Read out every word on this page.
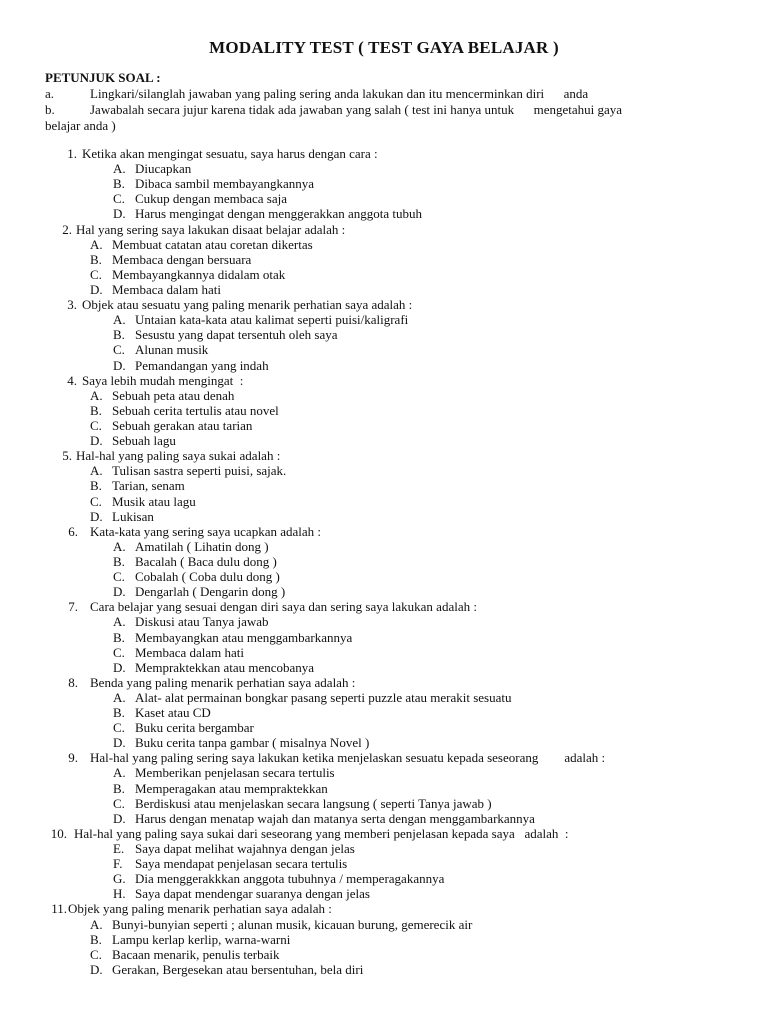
MODALITY TEST ( TEST GAYA BELAJAR )
PETUNJUK SOAL :
a.	Lingkari/silanglah jawaban yang paling sering anda lakukan dan itu mencerminkan diri      anda
b.	Jawabalah secara jujur karena tidak ada jawaban yang salah ( test ini hanya untuk      mengetahui gaya
belajar anda )
1. Ketika akan mengingat sesuatu, saya harus dengan cara :
A. Diucapkan
B. Dibaca sambil membayangkannya
C. Cukup dengan membaca saja
D. Harus mengingat dengan menggerakkan anggota tubuh
2. Hal yang sering saya lakukan disaat belajar adalah :
A. Membuat catatan atau coretan dikertas
B. Membaca dengan bersuara
C. Membayangkannya didalam otak
D. Membaca dalam hati
3. Objek atau sesuatu yang paling menarik perhatian saya adalah :
A. Untaian kata-kata atau kalimat seperti puisi/kaligrafi
B. Sesustu yang dapat tersentuh oleh saya
C. Alunan musik
D. Pemandangan yang indah
4. Saya lebih mudah mengingat  :
A. Sebuah peta atau denah
B. Sebuah cerita tertulis atau novel
C. Sebuah gerakan atau tarian
D. Sebuah lagu
5. Hal-hal yang paling saya sukai adalah :
A. Tulisan sastra seperti puisi, sajak.
B. Tarian, senam
C. Musik atau lagu
D. Lukisan
6. Kata-kata yang sering saya ucapkan adalah :
A. Amatilah ( Lihatin dong )
B. Bacalah ( Baca dulu dong )
C. Cobalah ( Coba dulu dong )
D. Dengarlah ( Dengarin dong )
7. Cara belajar yang sesuai dengan diri saya dan sering saya lakukan adalah :
A. Diskusi atau Tanya jawab
B. Membayangkan atau menggambarkannya
C. Membaca dalam hati
D. Mempraktekkan atau mencobanya
8. Benda yang paling menarik perhatian saya adalah :
A. Alat- alat permainan bongkar pasang seperti puzzle atau merakit sesuatu
B. Kaset atau CD
C. Buku cerita bergambar
D. Buku cerita tanpa gambar ( misalnya Novel )
9. Hal-hal yang paling sering saya lakukan ketika menjelaskan sesuatu kepada seseorang        adalah :
A. Memberikan penjelasan secara tertulis
B. Memperagakan atau mempraktekkan
C. Berdiskusi atau menjelaskan secara langsung ( seperti Tanya jawab )
D. Harus dengan menatap wajah dan matanya serta dengan menggambarkannya
10. Hal-hal yang paling saya sukai dari seseorang yang memberi penjelasan kepada saya   adalah  :
E. Saya dapat melihat wajahnya dengan jelas
F. Saya mendapat penjelasan secara tertulis
G. Dia menggerakkkan anggota tubuhnya / memperagakannya
H. Saya dapat mendengar suaranya dengan jelas
11. Objek yang paling menarik perhatian saya adalah :
A. Bunyi-bunyian seperti ; alunan musik, kicauan burung, gemerecik air
B. Lampu kerlap kerlip, warna-warni
C. Bacaan menarik, penulis terbaik
D. Gerakan, Bergesekan atau bersentuhan, bela diri
